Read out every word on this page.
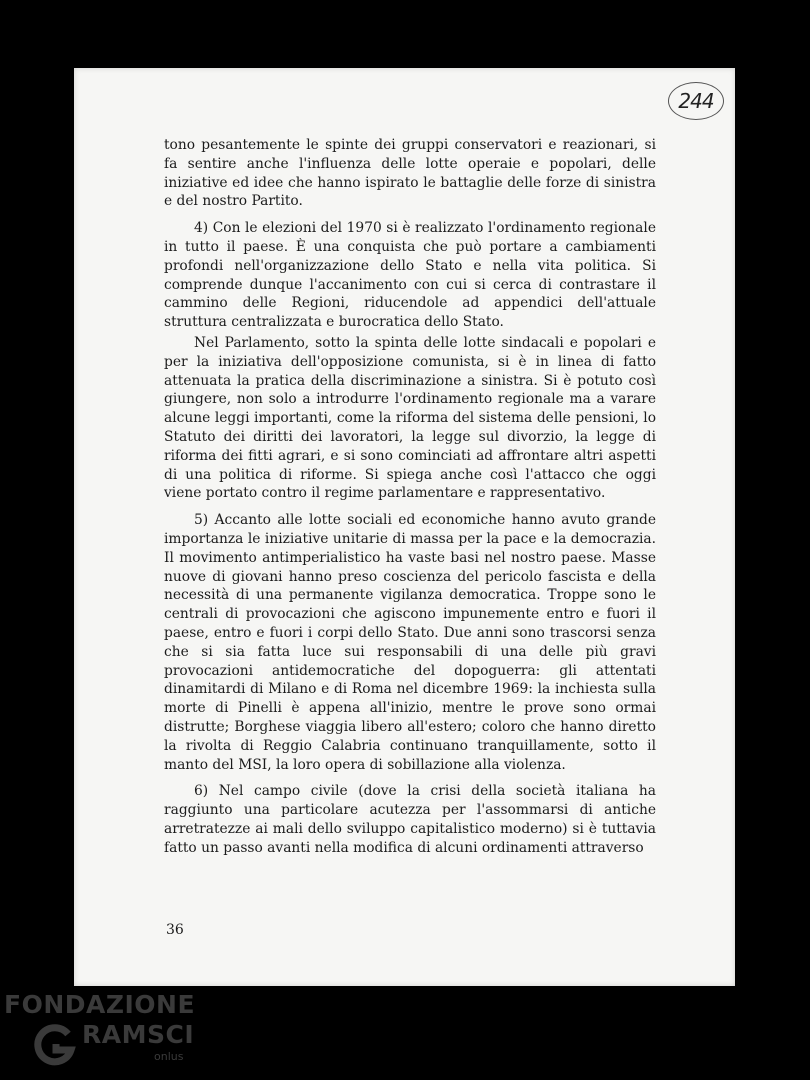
244

tono pesantemente le spinte dei gruppi conservatori e reazionari, si fa sentire anche l'influenza delle lotte operaie e popolari, delle iniziative ed idee che hanno ispirato le battaglie delle forze di sinistra e del nostro Partito.

4) Con le elezioni del 1970 si è realizzato l'ordinamento regionale in tutto il paese. È una conquista che può portare a cambiamenti profondi nell'organizzazione dello Stato e nella vita politica. Si comprende dunque l'accanimento con cui si cerca di contrastare il cammino delle Regioni, riducendole ad appendici dell'attuale struttura centralizzata e burocratica dello Stato.

Nel Parlamento, sotto la spinta delle lotte sindacali e popolari e per la iniziativa dell'opposizione comunista, si è in linea di fatto attenuata la pratica della discriminazione a sinistra. Si è potuto così giungere, non solo a introdurre l'ordinamento regionale ma a varare alcune leggi importanti, come la riforma del sistema delle pensioni, lo Statuto dei diritti dei lavoratori, la legge sul divorzio, la legge di riforma dei fitti agrari, e si sono cominciati ad affrontare altri aspetti di una politica di riforme. Si spiega anche così l'attacco che oggi viene portato contro il regime parlamentare e rappresentativo.

5) Accanto alle lotte sociali ed economiche hanno avuto grande importanza le iniziative unitarie di massa per la pace e la democrazia. Il movimento antimperialistico ha vaste basi nel nostro paese. Masse nuove di giovani hanno preso coscienza del pericolo fascista e della necessità di una permanente vigilanza democratica. Troppe sono le centrali di provocazioni che agiscono impunemente entro e fuori il paese, entro e fuori i corpi dello Stato. Due anni sono trascorsi senza che si sia fatta luce sui responsabili di una delle più gravi provocazioni antidemocratiche del dopoguerra: gli attentati dinamitardi di Milano e di Roma nel dicembre 1969: la inchiesta sulla morte di Pinelli è appena all'inizio, mentre le prove sono ormai distrutte; Borghese viaggia libero all'estero; coloro che hanno diretto la rivolta di Reggio Calabria continuano tranquillamente, sotto il manto del MSI, la loro opera di sobillazione alla violenza.

6) Nel campo civile (dove la crisi della società italiana ha raggiunto una particolare acutezza per l'assommarsi di antiche arretratezze ai mali dello sviluppo capitalistico moderno) si è tuttavia fatto un passo avanti nella modifica di alcuni ordinamenti attraverso

36
FONDAZIONE
RAMSCI
onlus
